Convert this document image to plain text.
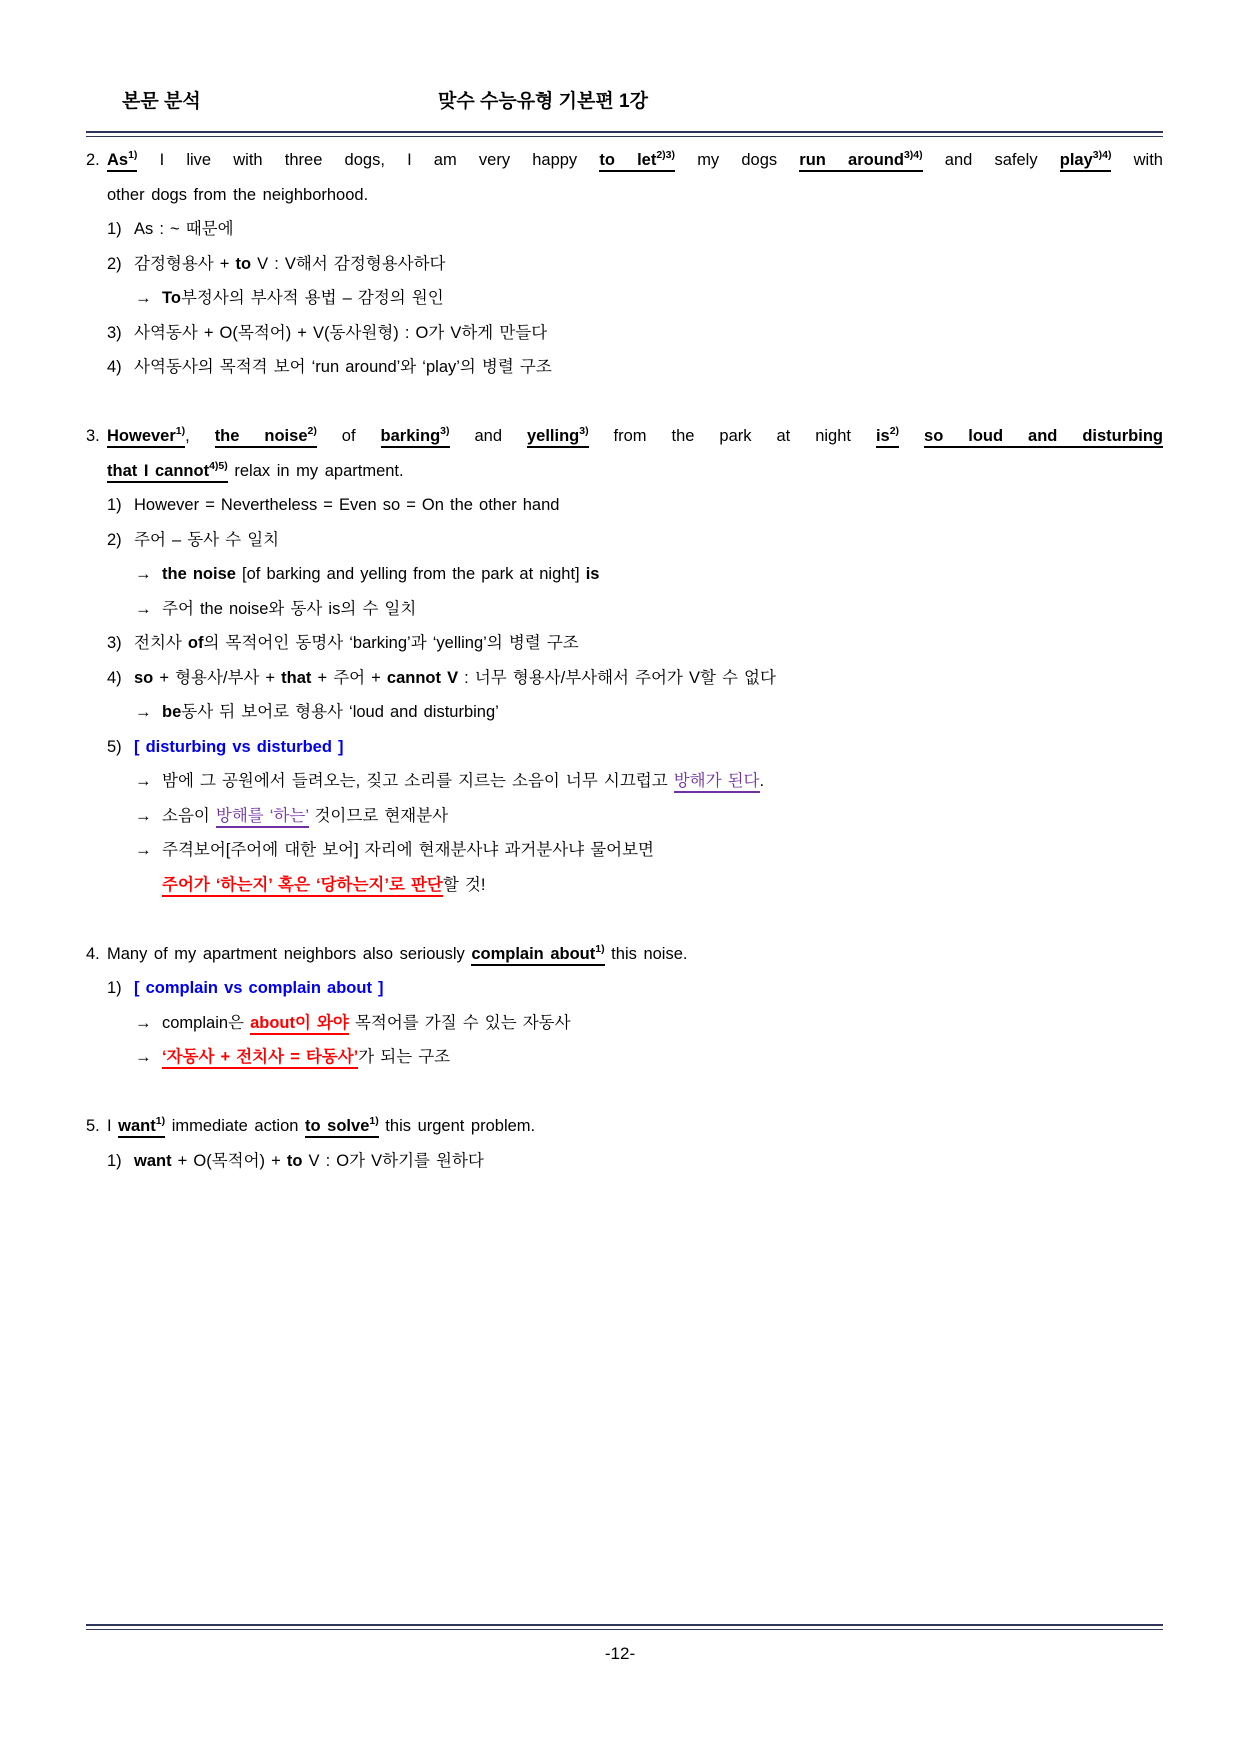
본문 분석	맞수 수능유형 기본편 1강
2. As$^{1)}$ I live with three dogs, I am very happy to let$^{2)3)}$ my dogs run around$^{3)4)}$ and safely play$^{3)4)}$ with
other dogs from the neighborhood.
1) As : ~ 때문에
2) 감정형용사 + to V : V해서 감정형용사하다
→ To부정사의 부사적 용법 – 감정의 원인
3) 사역동사 + O(목적어) + V(동사원형) : O가 V하게 만들다
4) 사역동사의 목적격 보어 ‘run around’와 ‘play’의 병렬 구조
3. However$^{1)}$, the noise$^{2)}$ of barking$^{3)}$ and yelling$^{3)}$ from the park at night $is^{2)}$ so loud and disturbing
that I cannot$^{4)5)}$ relax in my apartment.
1) However = Nevertheless = Even so = On the other hand
2) 주어 – 동사 수 일치
→ the noise [of barking and yelling from the park at night] is
→ 주어 the noise와 동사 is의 수 일치
3) 전치사 of의 목적어인 동명사 ‘barking’과 ‘yelling’의 병렬 구조
4) so + 형용사/부사 + that + 주어 + cannot V : 너무 형용사/부사해서 주어가 V할 수 없다
→ be동사 뒤 보어로 형용사 ‘loud and disturbing’
5) [ disturbing vs disturbed ]
→ 밤에 그 공원에서 들려오는, 짖고 소리를 지르는 소음이 너무 시끄럽고 방해가 된다.
→ 소음이 방해를 ‘하는’ 것이므로 현재분사
→ 주격보어[주어에 대한 보어] 자리에 현재분사냐 과거분사냐 물어보면
주어가 ‘하는지’ 혹은 ‘당하는지’로 판단할 것!
4. Many of my apartment neighbors also seriously complain about$^{1)}$ this noise.
1) [ complain vs complain about ]
→ complain은 about이 와야 목적어를 가질 수 있는 자동사
→ ‘자동사 + 전치사 = 타동사’가 되는 구조
5. I want$^{1)}$ immediate action to solve$^{1)}$ this urgent problem.
1) want + O(목적어) + to V : O가 V하기를 원하다
-12-
